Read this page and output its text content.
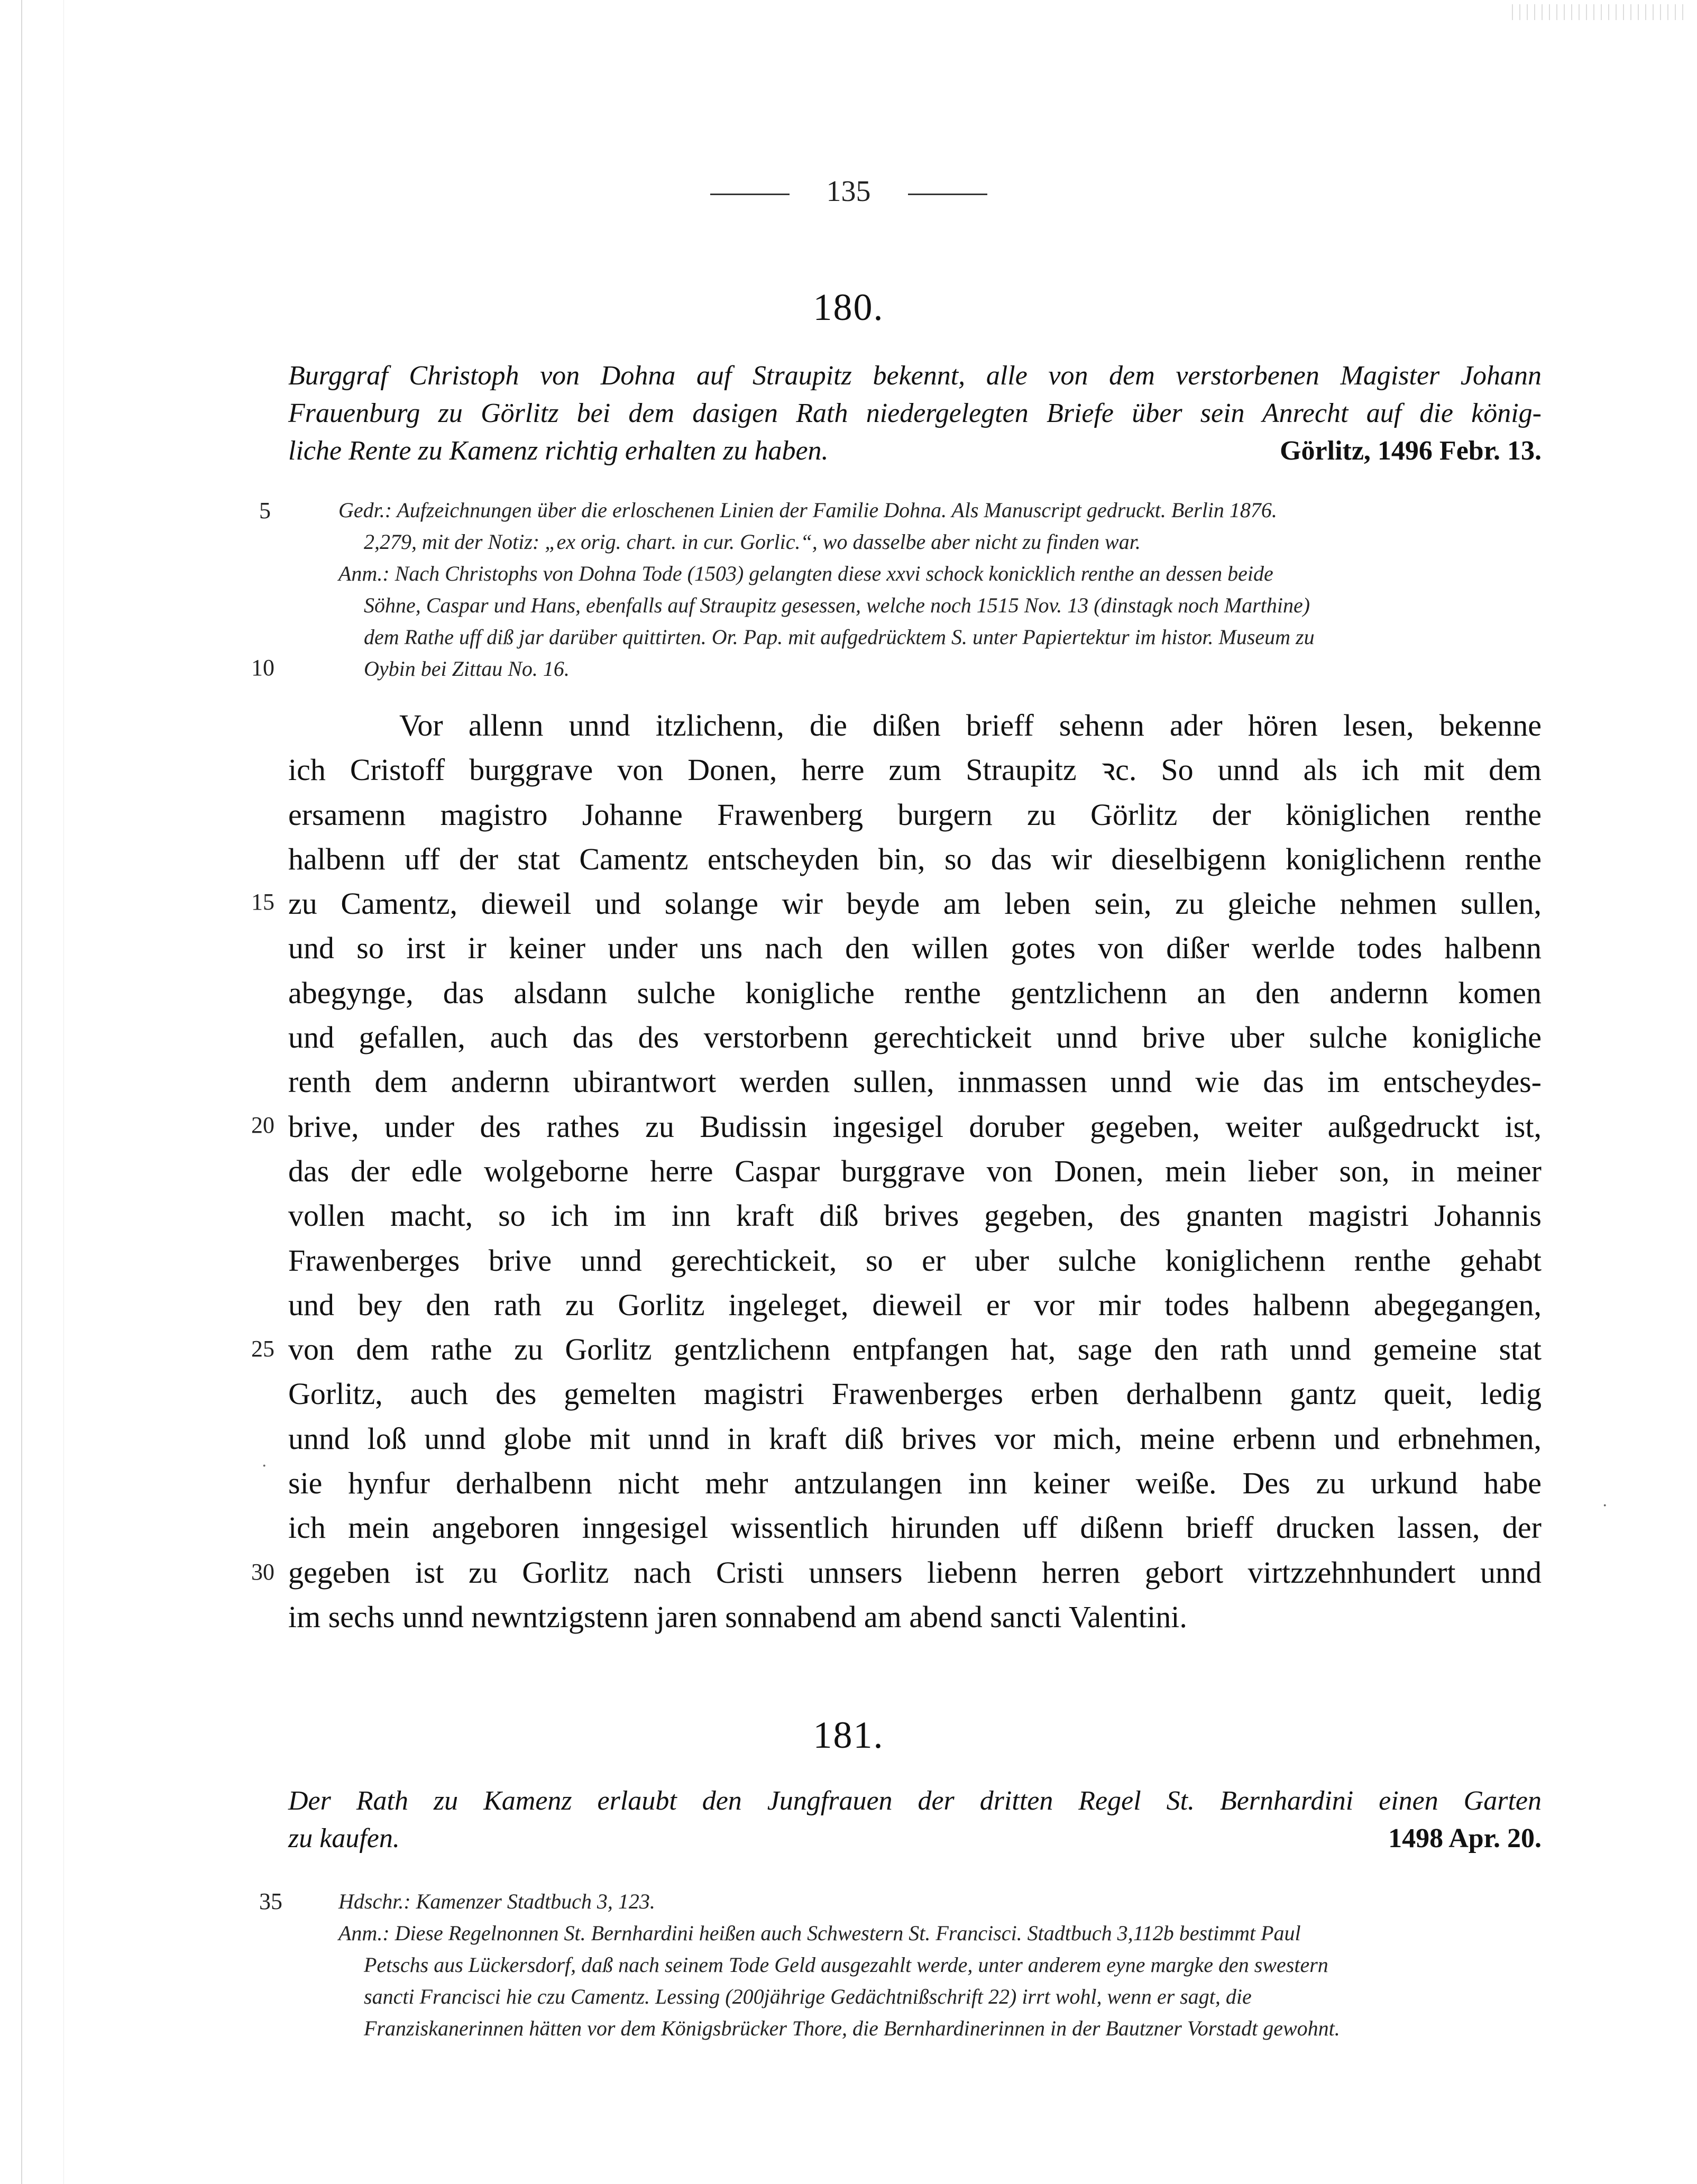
135
180.
Burggraf Christoph von Dohna auf Straupitz bekennt, alle von dem verstorbenen Magister Johann
Frauenburg zu Görlitz bei dem dasigen Rath niedergelegten Briefe über sein Anrecht auf die könig-
liche Rente zu Kamenz richtig erhalten zu haben.	Görlitz, 1496 Febr. 13.
5	Gedr.: Aufzeichnungen über die erloschenen Linien der Familie Dohna. Als Manuscript gedruckt. Berlin 1876.
2,279, mit der Notiz: „ex orig. chart. in cur. Gorlic.“, wo dasselbe aber nicht zu finden war.
Anm.: Nach Christophs von Dohna Tode (1503) gelangten diese xxvi schock konicklich renthe an dessen beide
Söhne, Caspar und Hans, ebenfalls auf Straupitz gesessen, welche noch 1515 Nov. 13 (dinstagk noch Marthine)
dem Rathe uff diß jar darüber quittirten. Or. Pap. mit aufgedrücktem S. unter Papiertektur im histor. Museum zu
Oybin bei Zittau No. 16.
10
Vor allenn unnd itzlichenn, die dißen brieff sehenn ader hören lesen, bekenne
ich Cristoff burggrave von Donen, herre zum Straupitz ꝛc. So unnd als ich mit dem
ersamenn magistro Johanne Frawenberg burgern zu Görlitz der königlichen renthe
halbenn uff der stat Camentz entscheyden bin, so das wir dieselbigenn koniglichenn renthe
zu Camentz, dieweil und solange wir beyde am leben sein, zu gleiche nehmen sullen,
und so irst ir keiner under uns nach den willen gotes von dißer werlde todes halbenn
abegynge, das alsdann sulche konigliche renthe gentzlichenn an den andernn komen
und gefallen, auch das des verstorbenn gerechtickeit unnd brive uber sulche konigliche
renth dem andernn ubirantwort werden sullen, innmassen unnd wie das im entscheydes-
brive, under des rathes zu Budissin ingesigel doruber gegeben, weiter außgedruckt ist,
das der edle wolgeborne herre Caspar burggrave von Donen, mein lieber son, in meiner
vollen macht, so ich im inn kraft diß brives gegeben, des gnanten magistri Johannis
Frawenberges brive unnd gerechtickeit, so er uber sulche koniglichenn renthe gehabt
und bey den rath zu Gorlitz ingeleget, dieweil er vor mir todes halbenn abegegangen,
von dem rathe zu Gorlitz gentzlichenn entpfangen hat, sage den rath unnd gemeine stat
Gorlitz, auch des gemelten magistri Frawenberges erben derhalbenn gantz queit, ledig
unnd loß unnd globe mit unnd in kraft diß brives vor mich, meine erbenn und erbnehmen,
sie hynfur derhalbenn nicht mehr antzulangen inn keiner weiße. Des zu urkund habe
ich mein angeboren inngesigel wissentlich hirunden uff dißenn brieff drucken lassen, der
gegeben ist zu Gorlitz nach Cristi unnsers liebenn herren gebort virtzzehnhundert unnd
im sechs unnd newntzigstenn jaren sonnabend am abend sancti Valentini.
15
20
25
·
·
30
181.
Der Rath zu Kamenz erlaubt den Jungfrauen der dritten Regel St. Bernhardini einen Garten
zu kaufen.	1498 Apr. 20.
35	Hdschr.: Kamenzer Stadtbuch 3, 123.
Anm.: Diese Regelnonnen St. Bernhardini heißen auch Schwestern St. Francisci. Stadtbuch 3,112b bestimmt Paul
Petschs aus Lückersdorf, daß nach seinem Tode Geld ausgezahlt werde, unter anderem eyne margke den swestern
sancti Francisci hie czu Camentz. Lessing (200jährige Gedächtnißschrift 22) irrt wohl, wenn er sagt, die
Franziskanerinnen hätten vor dem Königsbrücker Thore, die Bernhardinerinnen in der Bautzner Vorstadt gewohnt.
